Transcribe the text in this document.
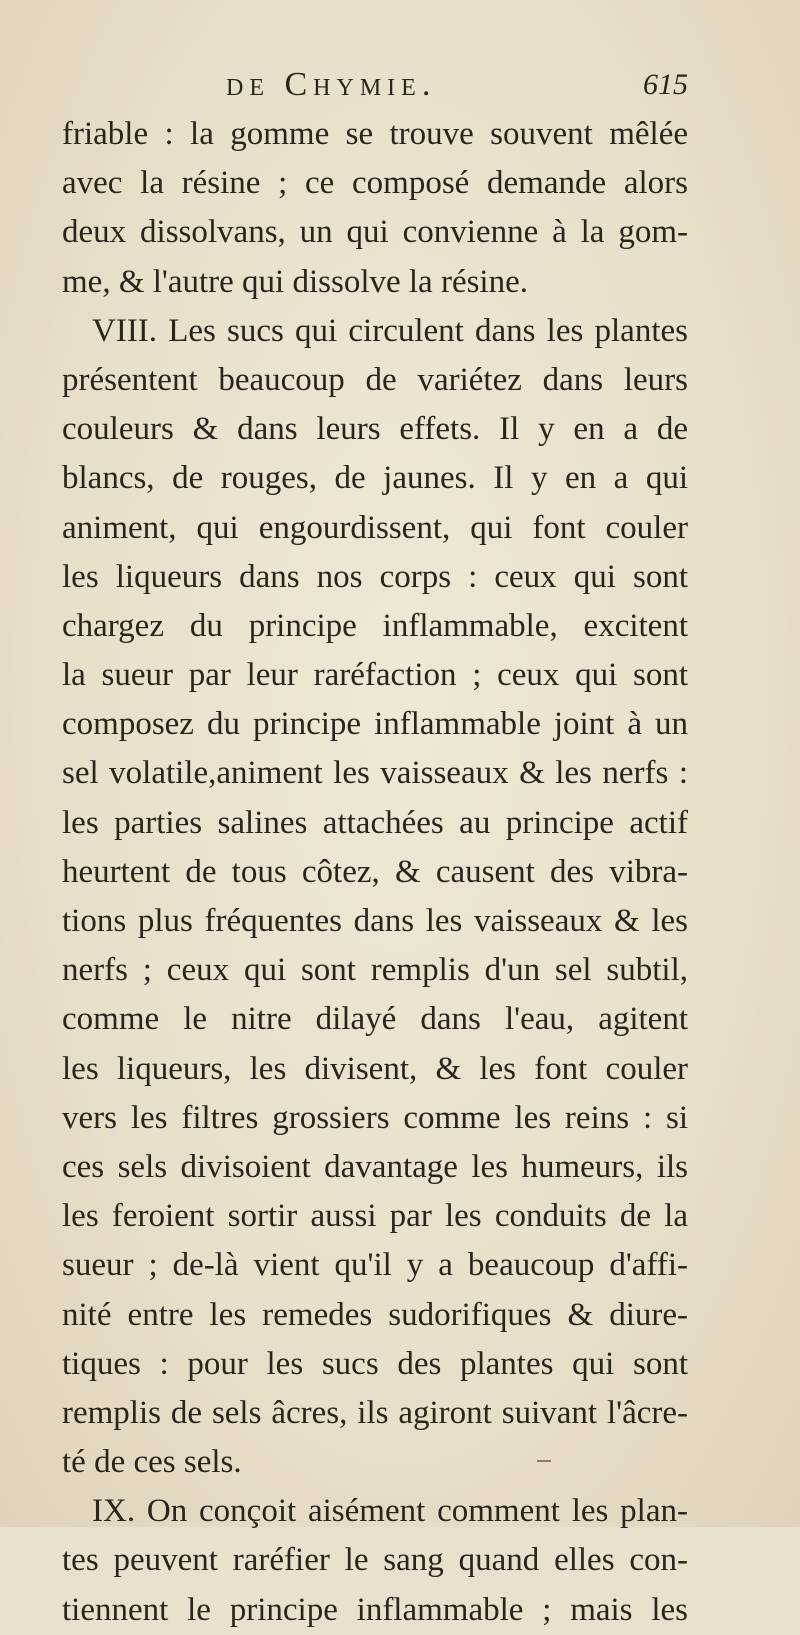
de Chymie.	615
friable : la gomme se trouve souvent mêlée
avec la résine ; ce composé demande alors
deux dissolvans, un qui convienne à la gom-
me, & l'autre qui dissolve la résine.
VIII. Les sucs qui circulent dans les plantes
présentent beaucoup de variétez dans leurs
couleurs & dans leurs effets. Il y en a de
blancs, de rouges, de jaunes. Il y en a qui
animent, qui engourdissent, qui font couler
les liqueurs dans nos corps : ceux qui sont
chargez du principe inflammable, excitent
la sueur par leur raréfaction ; ceux qui sont
composez du principe inflammable joint à un
sel volatile,animent les vaisseaux & les nerfs :
les parties salines attachées au principe actif
heurtent de tous côtez, & causent des vibra-
tions plus fréquentes dans les vaisseaux & les
nerfs ; ceux qui sont remplis d'un sel subtil,
comme le nitre dilayé dans l'eau, agitent
les liqueurs, les divisent, & les font couler
vers les filtres grossiers comme les reins : si
ces sels divisoient davantage les humeurs, ils
les feroient sortir aussi par les conduits de la
sueur ; de-là vient qu'il y a beaucoup d'affi-
nité entre les remedes sudorifiques & diure-
tiques : pour les sucs des plantes qui sont
remplis de sels âcres, ils agiront suivant l'âcre-
té de ces sels.
IX. On conçoit aisément comment les plan-
tes peuvent raréfier le sang quand elles con-
tiennent le principe inflammable ; mais les
